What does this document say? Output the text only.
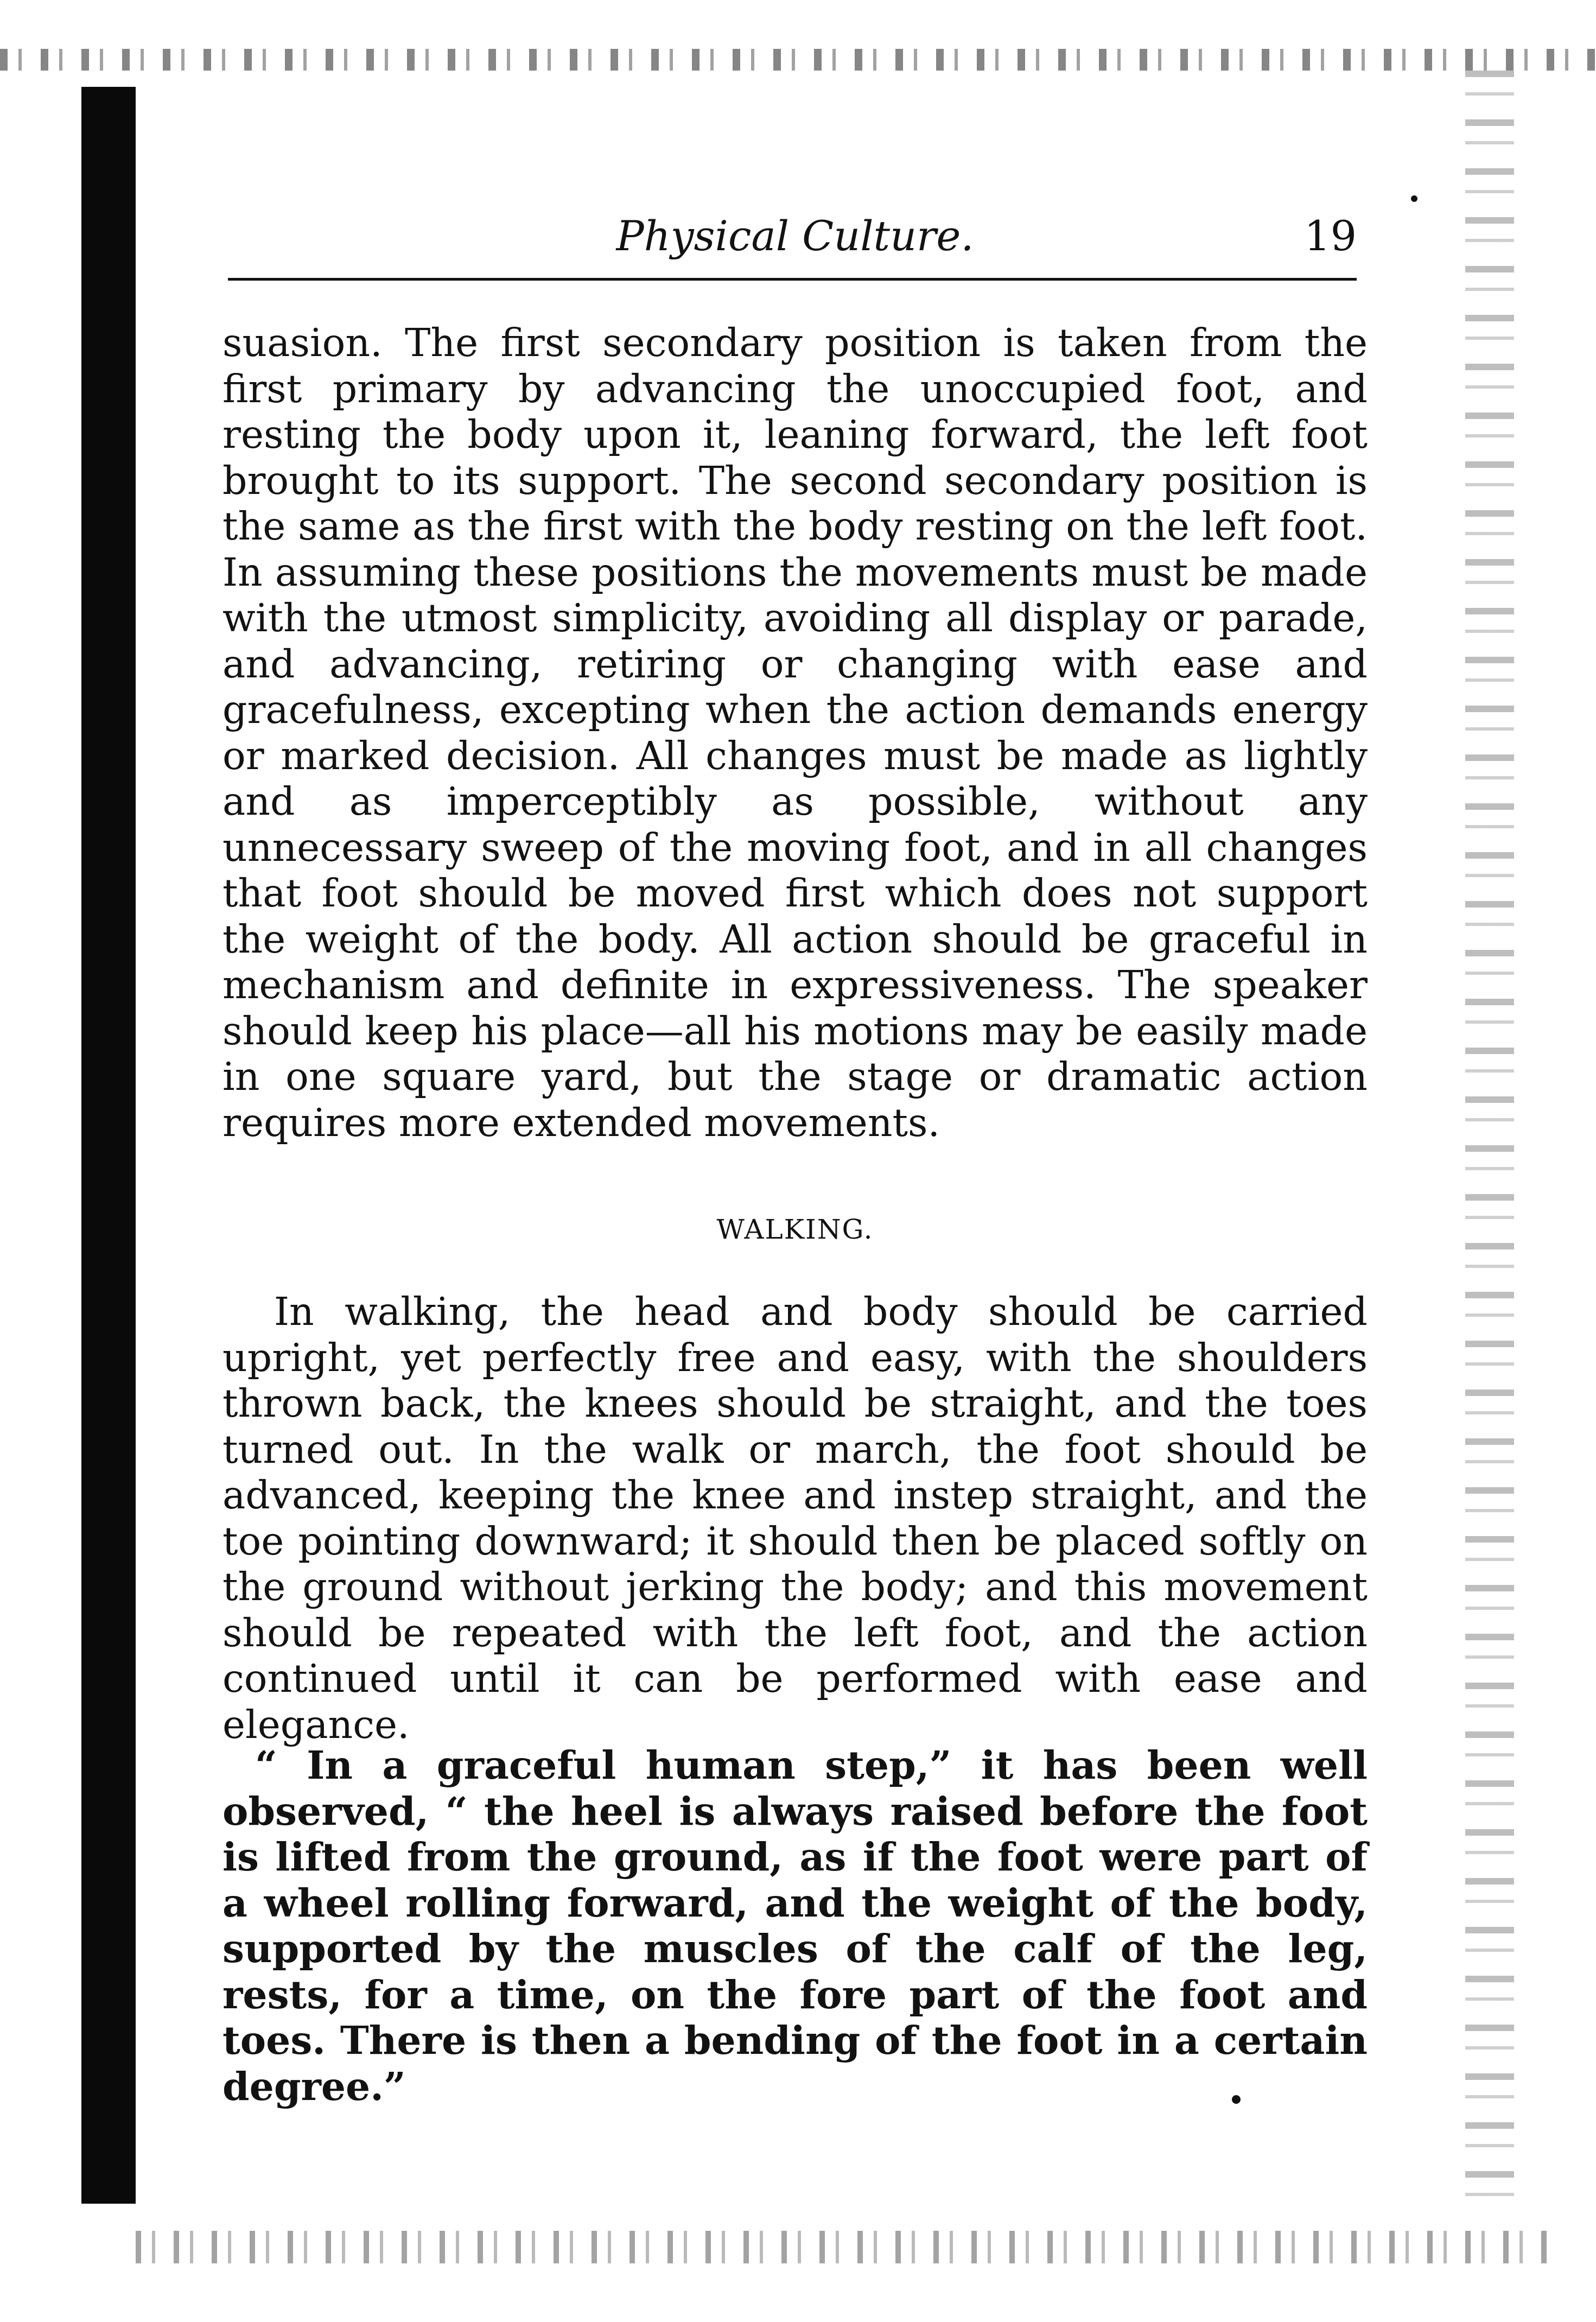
Physical Culture.	19

suasion. The first secondary position is taken from the first primary by advancing the unoccupied foot, and resting the body upon it, leaning forward, the left foot brought to its support. The second secondary position is the same as the first with the body resting on the left foot. In assuming these positions the movements must be made with the utmost simplicity, avoiding all display or parade, and advancing, retiring or changing with ease and gracefulness, excepting when the action demands energy or marked decision. All changes must be made as lightly and as imperceptibly as possible, without any unnecessary sweep of the moving foot, and in all changes that foot should be moved first which does not support the weight of the body. All action should be graceful in mechanism and definite in expressiveness. The speaker should keep his place—all his motions may be easily made in one square yard, but the stage or dramatic action requires more extended movements.

WALKING.

In walking, the head and body should be carried upright, yet perfectly free and easy, with the shoulders thrown back, the knees should be straight, and the toes turned out. In the walk or march, the foot should be advanced, keeping the knee and instep straight, and the toe pointing downward; it should then be placed softly on the ground without jerking the body; and this movement should be repeated with the left foot, and the action continued until it can be performed with ease and elegance.

“ In a graceful human step,” it has been well observed, “ the heel is always raised before the foot is lifted from the ground, as if the foot were part of a wheel rolling forward, and the weight of the body, supported by the muscles of the calf of the leg, rests, for a time, on the fore part of the foot and toes. There is then a bending of the foot in a certain degree.”
